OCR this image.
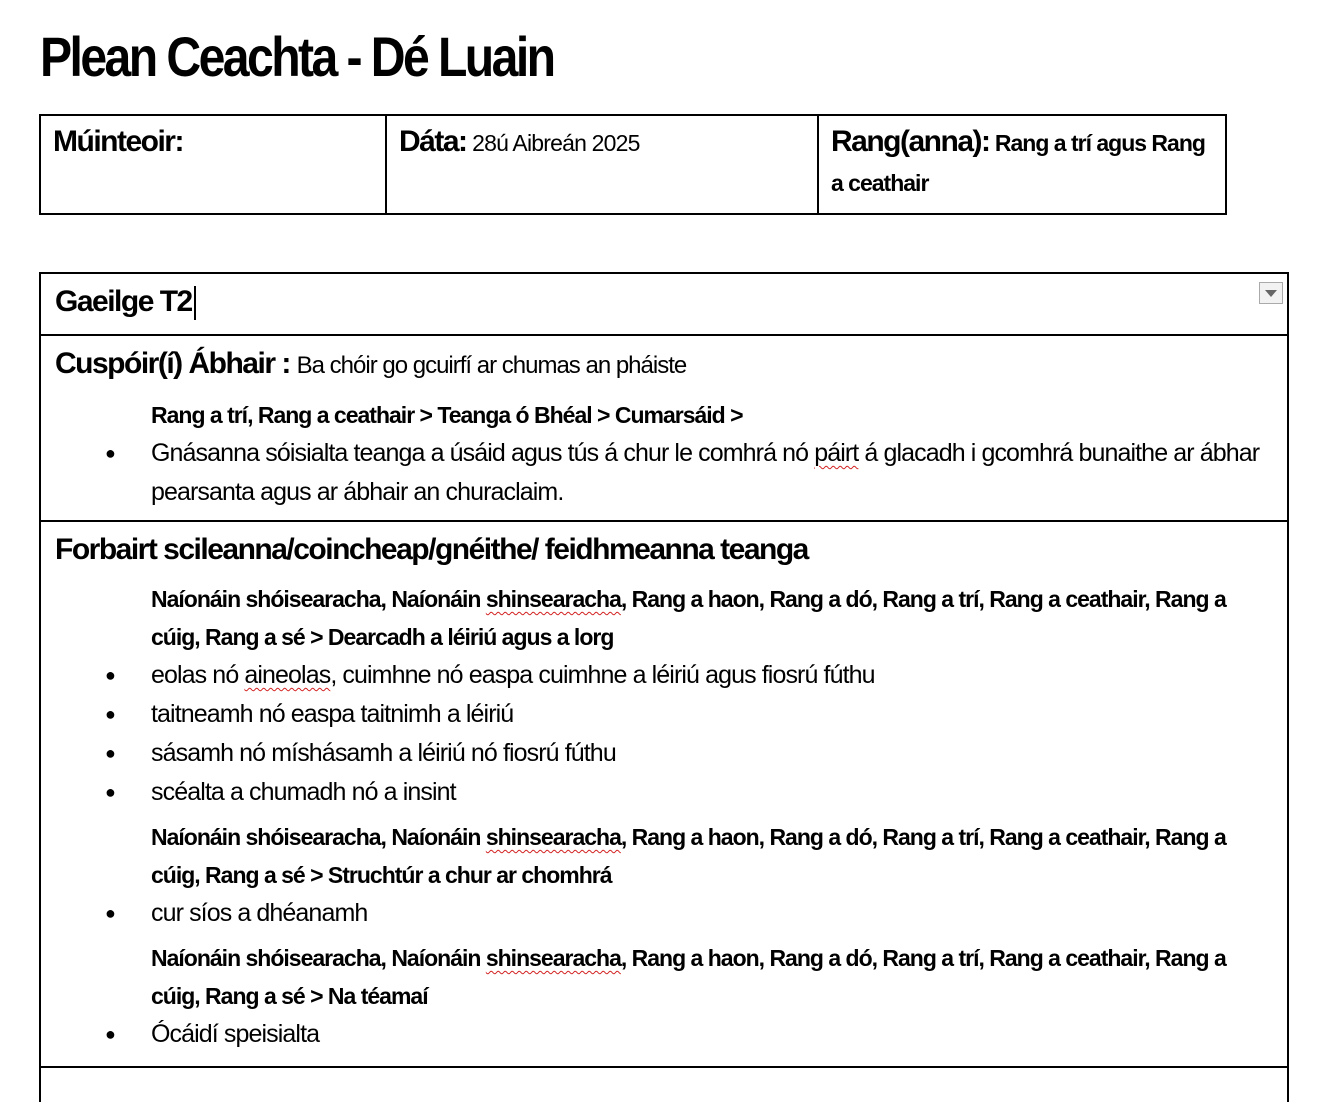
Plean Ceachta - Dé Luain
Múinteoir:	Dáta: 28ú Aibreán 2025	Rang(anna): Rang a trí agus Rang a ceathair
Gaeilge T2
Cuspóir(í) Ábhair : Ba chóir go gcuirfí ar chumas an pháiste
Rang a trí, Rang a ceathair > Teanga ó Bhéal > Cumarsáid >
● Gnásanna sóisialta teanga a úsáid agus tús á chur le comhrá nó páirt á glacadh i gcomhrá bunaithe ar ábhar pearsanta agus ar ábhair an churaclaim.
Forbairt scileanna/coincheap/gnéithe/ feidhmeanna teanga
Naíonáin shóisearacha, Naíonáin shinsearacha, Rang a haon, Rang a dó, Rang a trí, Rang a ceathair, Rang a cúig, Rang a sé > Dearcadh a léiriú agus a lorg
● eolas nó aineolas, cuimhne nó easpa cuimhne a léiriú agus fiosrú fúthu
● taitneamh nó easpa taitnimh a léiriú
● sásamh nó míshásamh a léiriú nó fiosrú fúthu
● scéalta a chumadh nó a insint
Naíonáin shóisearacha, Naíonáin shinsearacha, Rang a haon, Rang a dó, Rang a trí, Rang a ceathair, Rang a cúig, Rang a sé > Struchtúr a chur ar chomhrá
● cur síos a dhéanamh
Naíonáin shóisearacha, Naíonáin shinsearacha, Rang a haon, Rang a dó, Rang a trí, Rang a ceathair, Rang a cúig, Rang a sé > Na téamaí
● Ócáidí speisialta
